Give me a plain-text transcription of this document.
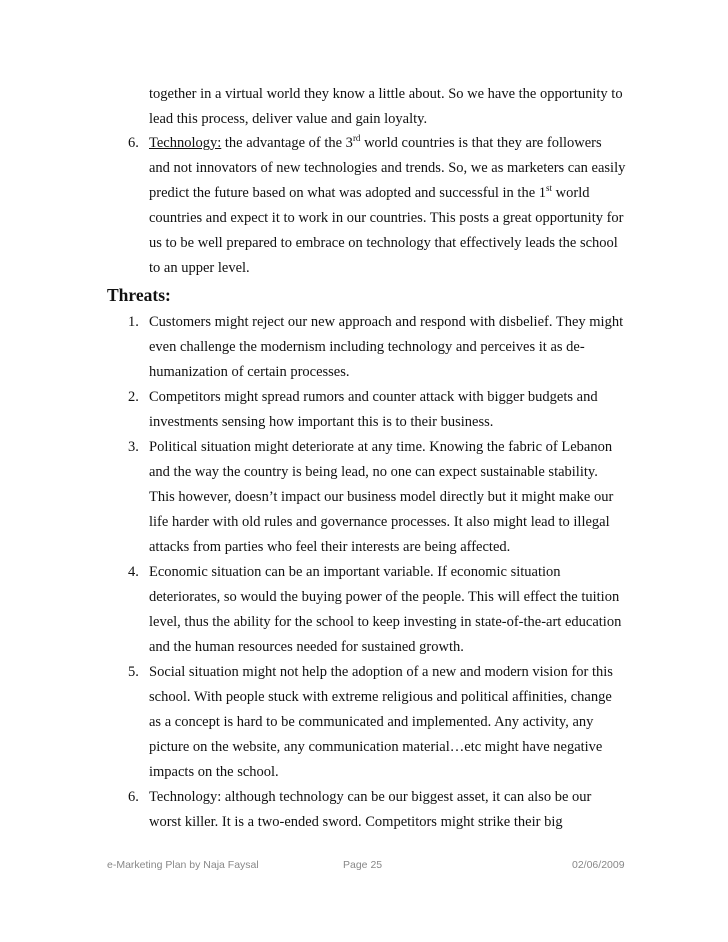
together in a virtual world they know a little about. So we have the opportunity to
lead this process, deliver value and gain loyalty.
6. Technology: the advantage of the 3rd world countries is that they are followers
and not innovators of new technologies and trends. So, we as marketers can easily
predict the future based on what was adopted and successful in the 1st world
countries and expect it to work in our countries. This posts a great opportunity for
us to be well prepared to embrace on technology that effectively leads the school
to an upper level.
Threats:
1. Customers might reject our new approach and respond with disbelief. They might
even challenge the modernism including technology and perceives it as de-
humanization of certain processes.
2. Competitors might spread rumors and counter attack with bigger budgets and
investments sensing how important this is to their business.
3. Political situation might deteriorate at any time. Knowing the fabric of Lebanon
and the way the country is being lead, no one can expect sustainable stability.
This however, doesn’t impact our business model directly but it might make our
life harder with old rules and governance processes. It also might lead to illegal
attacks from parties who feel their interests are being affected.
4. Economic situation can be an important variable. If economic situation
deteriorates, so would the buying power of the people. This will effect the tuition
level, thus the ability for the school to keep investing in state-of-the-art education
and the human resources needed for sustained growth.
5. Social situation might not help the adoption of a new and modern vision for this
school. With people stuck with extreme religious and political affinities, change
as a concept is hard to be communicated and implemented. Any activity, any
picture on the website, any communication material…etc might have negative
impacts on the school.
6. Technology: although technology can be our biggest asset, it can also be our
worst killer. It is a two-ended sword. Competitors might strike their big
e-Marketing Plan by Naja Faysal	Page 25	02/06/2009
